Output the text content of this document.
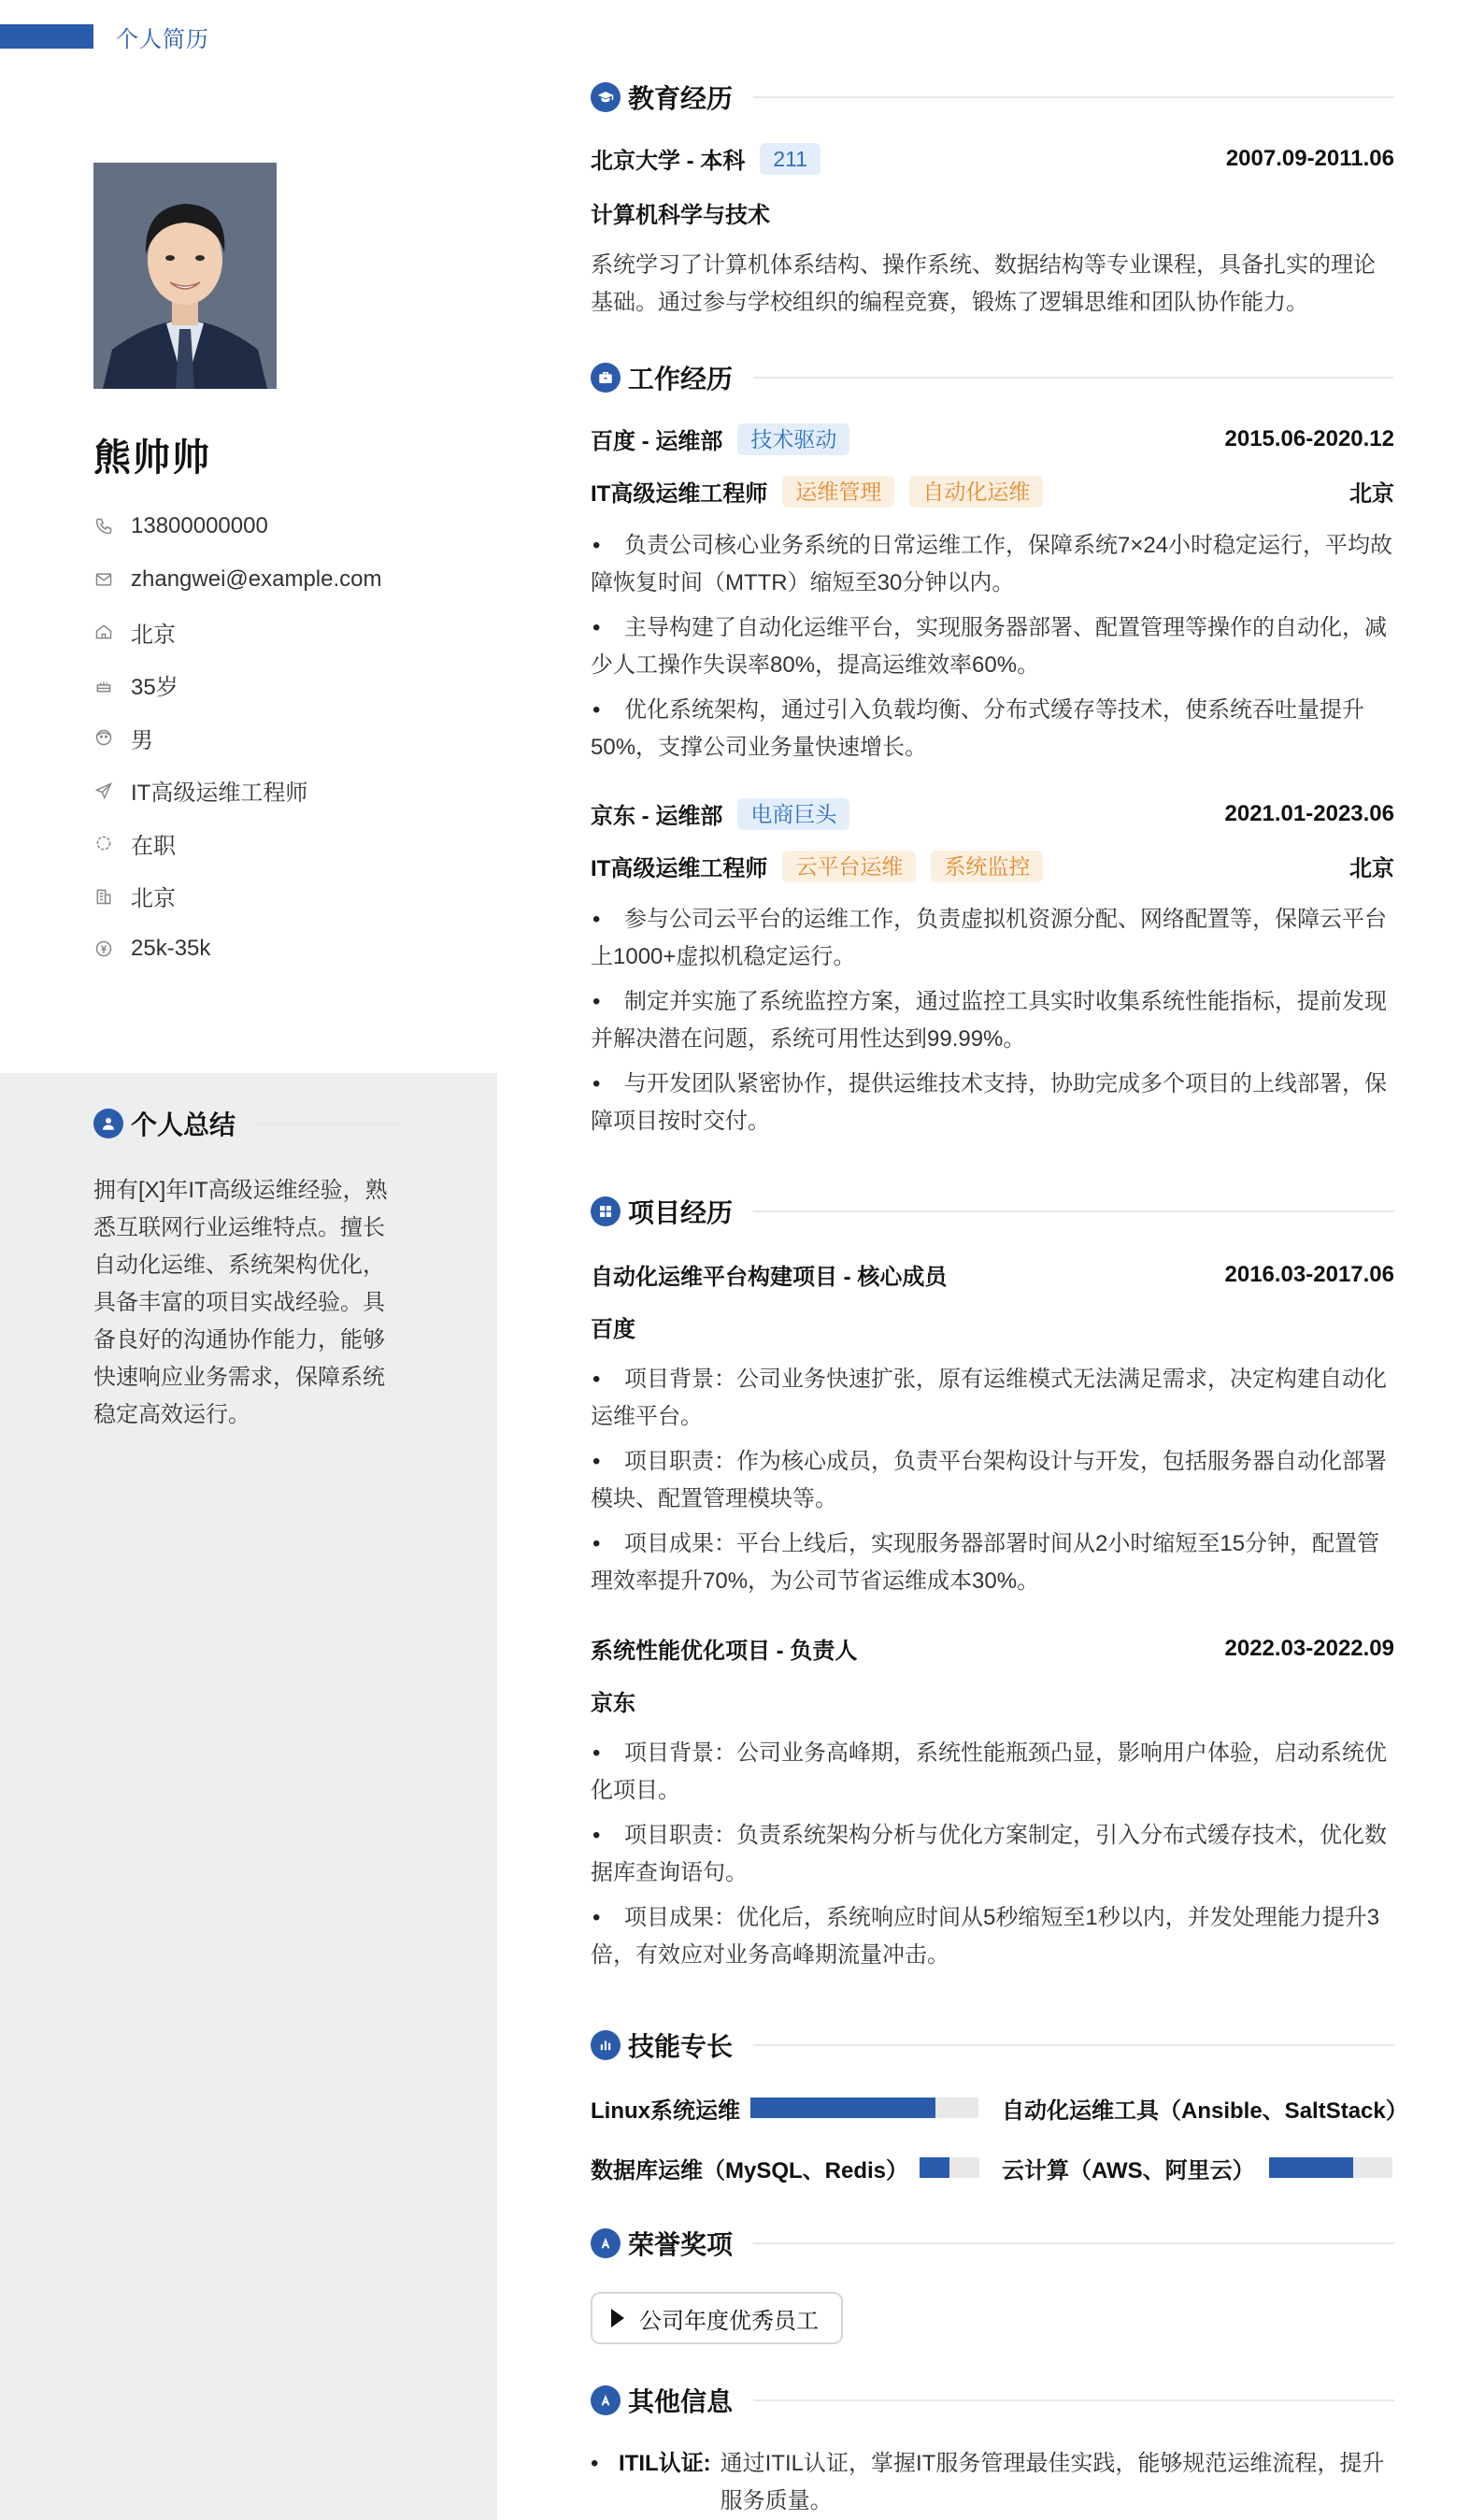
个人简历
熊帅帅
13800000000
zhangwei@example.com
北京
35岁
男
IT高级运维工程师
在职
北京
25k-35k
个人总结
拥有[X]年IT高级运维经验，熟悉互联网行业运维特点。擅长自动化运维、系统架构优化，具备丰富的项目实战经验。具备良好的沟通协作能力，能够快速响应业务需求，保障系统稳定高效运行。
教育经历
北京大学 - 本科	211	2007.09-2011.06
计算机科学与技术
系统学习了计算机体系结构、操作系统、数据结构等专业课程，具备扎实的理论基础。通过参与学校组织的编程竞赛，锻炼了逻辑思维和团队协作能力。
工作经历
百度 - 运维部	技术驱动	2015.06-2020.12
IT高级运维工程师	运维管理	自动化运维	北京
• 负责公司核心业务系统的日常运维工作，保障系统7×24小时稳定运行，平均故障恢复时间（MTTR）缩短至30分钟以内。
• 主导构建了自动化运维平台，实现服务器部署、配置管理等操作的自动化，减少人工操作失误率80%，提高运维效率60%。
• 优化系统架构，通过引入负载均衡、分布式缓存等技术，使系统吞吐量提升50%，支撑公司业务量快速增长。
京东 - 运维部	电商巨头	2021.01-2023.06
IT高级运维工程师	云平台运维	系统监控	北京
• 参与公司云平台的运维工作，负责虚拟机资源分配、网络配置等，保障云平台上1000+虚拟机稳定运行。
• 制定并实施了系统监控方案，通过监控工具实时收集系统性能指标，提前发现并解决潜在问题，系统可用性达到99.99%。
• 与开发团队紧密协作，提供运维技术支持，协助完成多个项目的上线部署，保障项目按时交付。
项目经历
自动化运维平台构建项目 - 核心成员	2016.03-2017.06
百度
• 项目背景：公司业务快速扩张，原有运维模式无法满足需求，决定构建自动化运维平台。
• 项目职责：作为核心成员，负责平台架构设计与开发，包括服务器自动化部署模块、配置管理模块等。
• 项目成果：平台上线后，实现服务器部署时间从2小时缩短至15分钟，配置管理效率提升70%，为公司节省运维成本30%。
系统性能优化项目 - 负责人	2022.03-2022.09
京东
• 项目背景：公司业务高峰期，系统性能瓶颈凸显，影响用户体验，启动系统优化项目。
• 项目职责：负责系统架构分析与优化方案制定，引入分布式缓存技术，优化数据库查询语句。
• 项目成果：优化后，系统响应时间从5秒缩短至1秒以内，并发处理能力提升3倍，有效应对业务高峰期流量冲击。
技能专长
Linux系统运维	自动化运维工具（Ansible、SaltStack）
数据库运维（MySQL、Redis）	云计算（AWS、阿里云）
荣誉奖项
公司年度优秀员工
其他信息
• ITIL认证: 通过ITIL认证，掌握IT服务管理最佳实践，能够规范运维流程，提升服务质量。
